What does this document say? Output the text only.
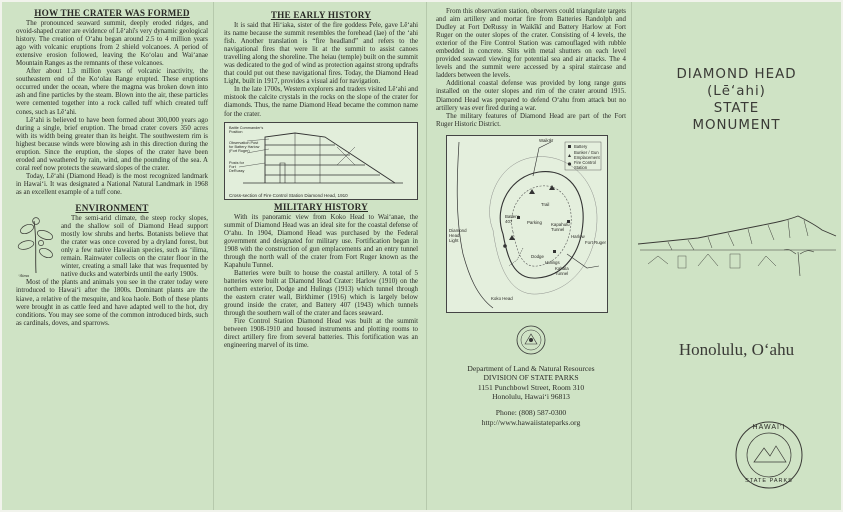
HOW THE CRATER WAS FORMED

The pronounced seaward summit, deeply eroded ridges, and ovoid-shaped crater are evidence of Lē‘ahi's very dynamic geological history. The creation of O‘ahu began around 2.5 to 4 million years ago with volcanic eruptions from 2 shield volcanoes. A period of extensive erosion followed, leaving the Ko‘olau and Wai‘anae Mountain Ranges as the remnants of these volcanoes.

After about 1.3 million years of volcanic inactivity, the southeastern end of the Ko‘olau Range erupted. These eruptions occurred under the ocean, where the magma was broken down into ash and fine particles by the steam. Blown into the air, these particles were cemented together into a rock called tuff which created tuff cones, such as Lē‘ahi.

Lē‘ahi is believed to have been formed about 300,000 years ago during a single, brief eruption. The broad crater covers 350 acres with its width being greater than its height. The southwestern rim is highest because winds were blowing ash in this direction during the eruption. Since the eruption, the slopes of the crater have been eroded and weathered by rain, wind, and the pounding of the sea. A coral reef now protects the seaward slopes of the crater.

Today, Lē‘ahi (Diamond Head) is the most recognized landmark in Hawai‘i. It was designated a National Natural Landmark in 1968 as an excellent example of a tuff cone.

ENVIRONMENT

The semi-arid climate, the steep rocky slopes, and the shallow soil of Diamond Head support mostly low shrubs and herbs. Botanists believe that the crater was once covered by a dryland forest, but only a few native Hawaiian species, such as ‘ilima, remain. Rainwater collects on the crater floor in the winter, creating a small lake that was frequented by native ducks and waterbirds until the early 1900s.

‘ilima

Most of the plants and animals you see in the crater today were introduced to Hawai‘i after the 1800s. Dominant plants are the kiawe, a relative of the mesquite, and koa haole. Both of these plants were brought in as cattle feed and have adapted well to the hot, dry conditions. You may see some of the common introduced birds, such as cardinals, doves, and sparrows.

THE EARLY HISTORY

It is said that Hi‘iaka, sister of the fire goddess Pele, gave Lē‘ahi its name because the summit resembles the forehead (lae) of the ‘ahi fish. Another translation is “fire headland” and refers to the navigational fires that were lit at the summit to assist canoes travelling along the shoreline. The heiau (temple) built on the summit was dedicated to the god of wind as protection against strong updrafts that could put out these navigational fires. Today, the Diamond Head Light, built in 1917, provides a visual aid for navigation.

In the late 1700s, Western explorers and traders visited Lē‘ahi and mistook the calcite crystals in the rocks on the slope of the crater for diamonds. Thus, the name Diamond Head became the common name for the crater.

Battle Commander's Position
Observation Post for Battery Harlow (Fort Ruger)
Posts for Fort DeRussy
Cross-section of Fire Control Station Diamond Head, 1910
MILITARY HISTORY

With its panoramic view from Koko Head to Wai‘anae, the summit of Diamond Head was an ideal site for the coastal defense of O‘ahu. In 1904, Diamond Head was purchased by the Federal government and designated for military use. Fortification began in 1908 with the construction of gun emplacements and an entry tunnel through the north wall of the crater from Fort Ruger known as the Kapahulu Tunnel.

Batteries were built to house the coastal artillery. A total of 5 batteries were built at Diamond Head Crater: Harlow (1910) on the northern exterior, Dodge and Hulings (1913) which tunnel through the eastern crater wall, Birkhimer (1916) which is largely below ground inside the crater, and Battery 407 (1943) which tunnels through the southern wall of the crater and faces seaward.

Fire Control Station Diamond Head was built at the summit between 1908-1910 and housed instruments and plotting rooms to direct artillery fire from several batteries. This fortification was an engineering marvel of its time.

From this observation station, observers could triangulate targets and aim artillery and mortar fire from Batteries Randolph and Dudley at Fort DeRussy in Waikīkī and Battery Harlow at Fort Ruger on the outer slopes of the crater. Consisting of 4 levels, the exterior of the Fire Control Station was camouflaged with rubble embedded in concrete. Slits with metal shutters on each level provided seaward viewing for potential sea and air attacks. The 4 levels and the summit were accessed by a spiral staircase and ladders between the levels.

Additional coastal defense was provided by long range guns installed on the outer slopes and rim of the crater around 1915. Diamond Head was prepared to defend O‘ahu from attack but no artillery was ever fired during a war.

The military features of Diamond Head are part of the Fort Ruger Historic District.

Battery
Bunker / Gun Emplacement
Fire Control Station
Waikīkī
Diamond Head Light
Battery 407
Trail
Parking Kapahulu Tunnel
Harlow
Fort Ruger
Dodge
Hulings
Kahala Tunnel
Koko Head
Department of Land & Natural Resources
DIVISION OF STATE PARKS
1151 Punchbowl Street, Room 310
Honolulu, Hawai‘i 96813
Phone: (808) 587-0300
http://www.hawaiistateparks.org
DIAMOND HEAD
(Lē‘ahi)
STATE
MONUMENT
Honolulu, O‘ahu
HAWAI‘I
STATE PARKS
